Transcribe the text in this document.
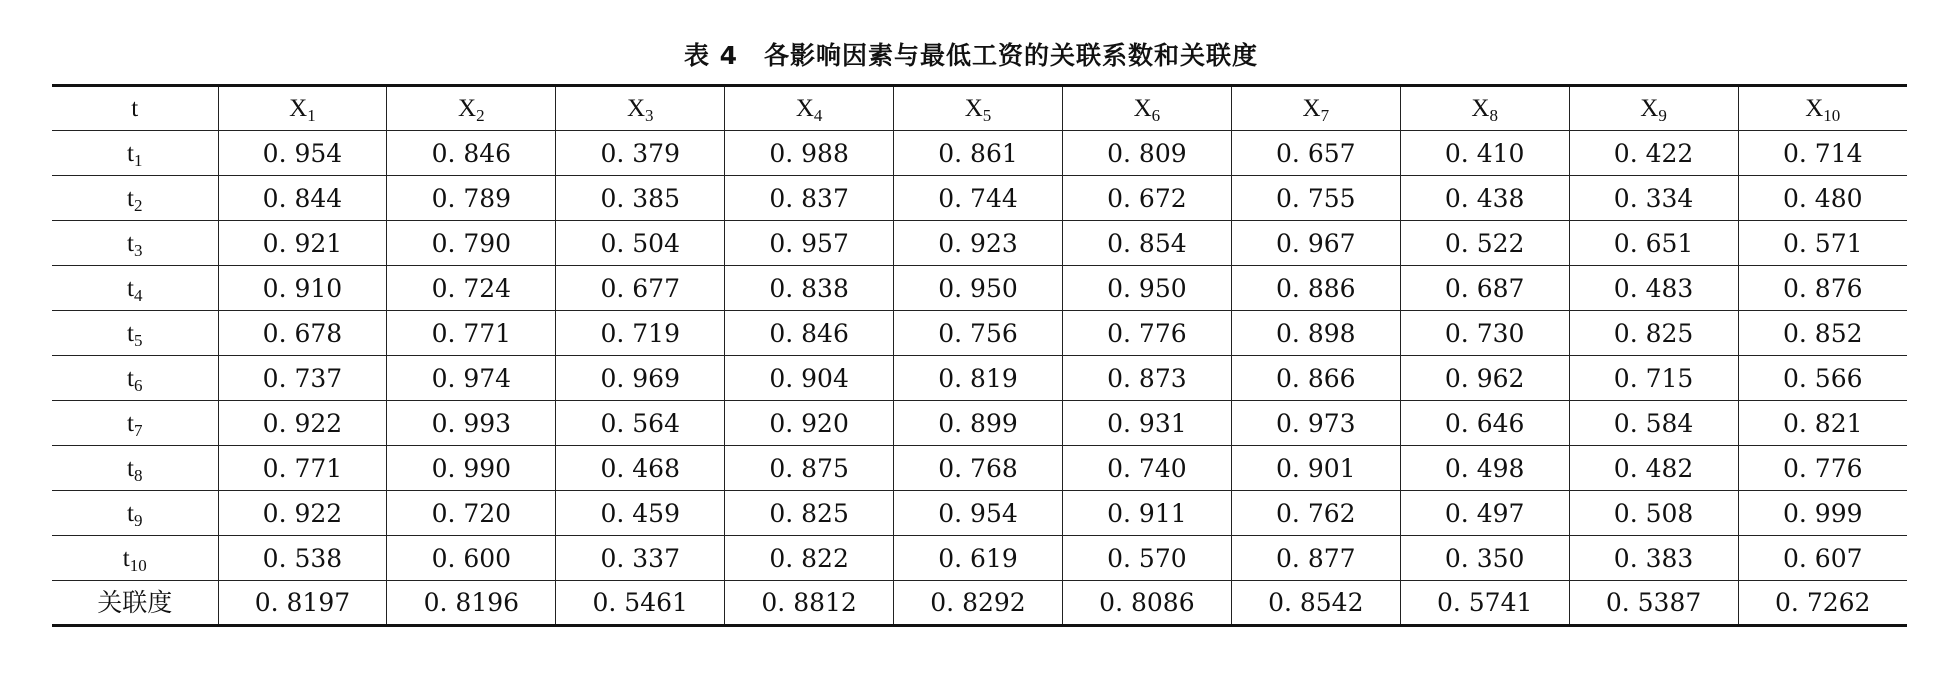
表 4 各影响因素与最低工资的关联系数和关联度
t	$X_1$	$X_2$	$X_3$	$X_4$	$X_5$	$X_6$	$X_7$	$X_8$	$X_9$	$X_{10}$
$t_1$	0. 954	0. 846	0. 379	0. 988	0. 861	0. 809	0. 657	0. 410	0. 422	0. 714
$t_2$	0. 844	0. 789	0. 385	0. 837	0. 744	0. 672	0. 755	0. 438	0. 334	0. 480
$t_3$	0. 921	0. 790	0. 504	0. 957	0. 923	0. 854	0. 967	0. 522	0. 651	0. 571
$t_4$	0. 910	0. 724	0. 677	0. 838	0. 950	0. 950	0. 886	0. 687	0. 483	0. 876
$t_5$	0. 678	0. 771	0. 719	0. 846	0. 756	0. 776	0. 898	0. 730	0. 825	0. 852
$t_6$	0. 737	0. 974	0. 969	0. 904	0. 819	0. 873	0. 866	0. 962	0. 715	0. 566
$t_7$	0. 922	0. 993	0. 564	0. 920	0. 899	0. 931	0. 973	0. 646	0. 584	0. 821
$t_8$	0. 771	0. 990	0. 468	0. 875	0. 768	0. 740	0. 901	0. 498	0. 482	0. 776
$t_9$	0. 922	0. 720	0. 459	0. 825	0. 954	0. 911	0. 762	0. 497	0. 508	0. 999
$t_{10}$	0. 538	0. 600	0. 337	0. 822	0. 619	0. 570	0. 877	0. 350	0. 383	0. 607
关联度	0. 8197	0. 8196	0. 5461	0. 8812	0. 8292	0. 8086	0. 8542	0. 5741	0. 5387	0. 7262
